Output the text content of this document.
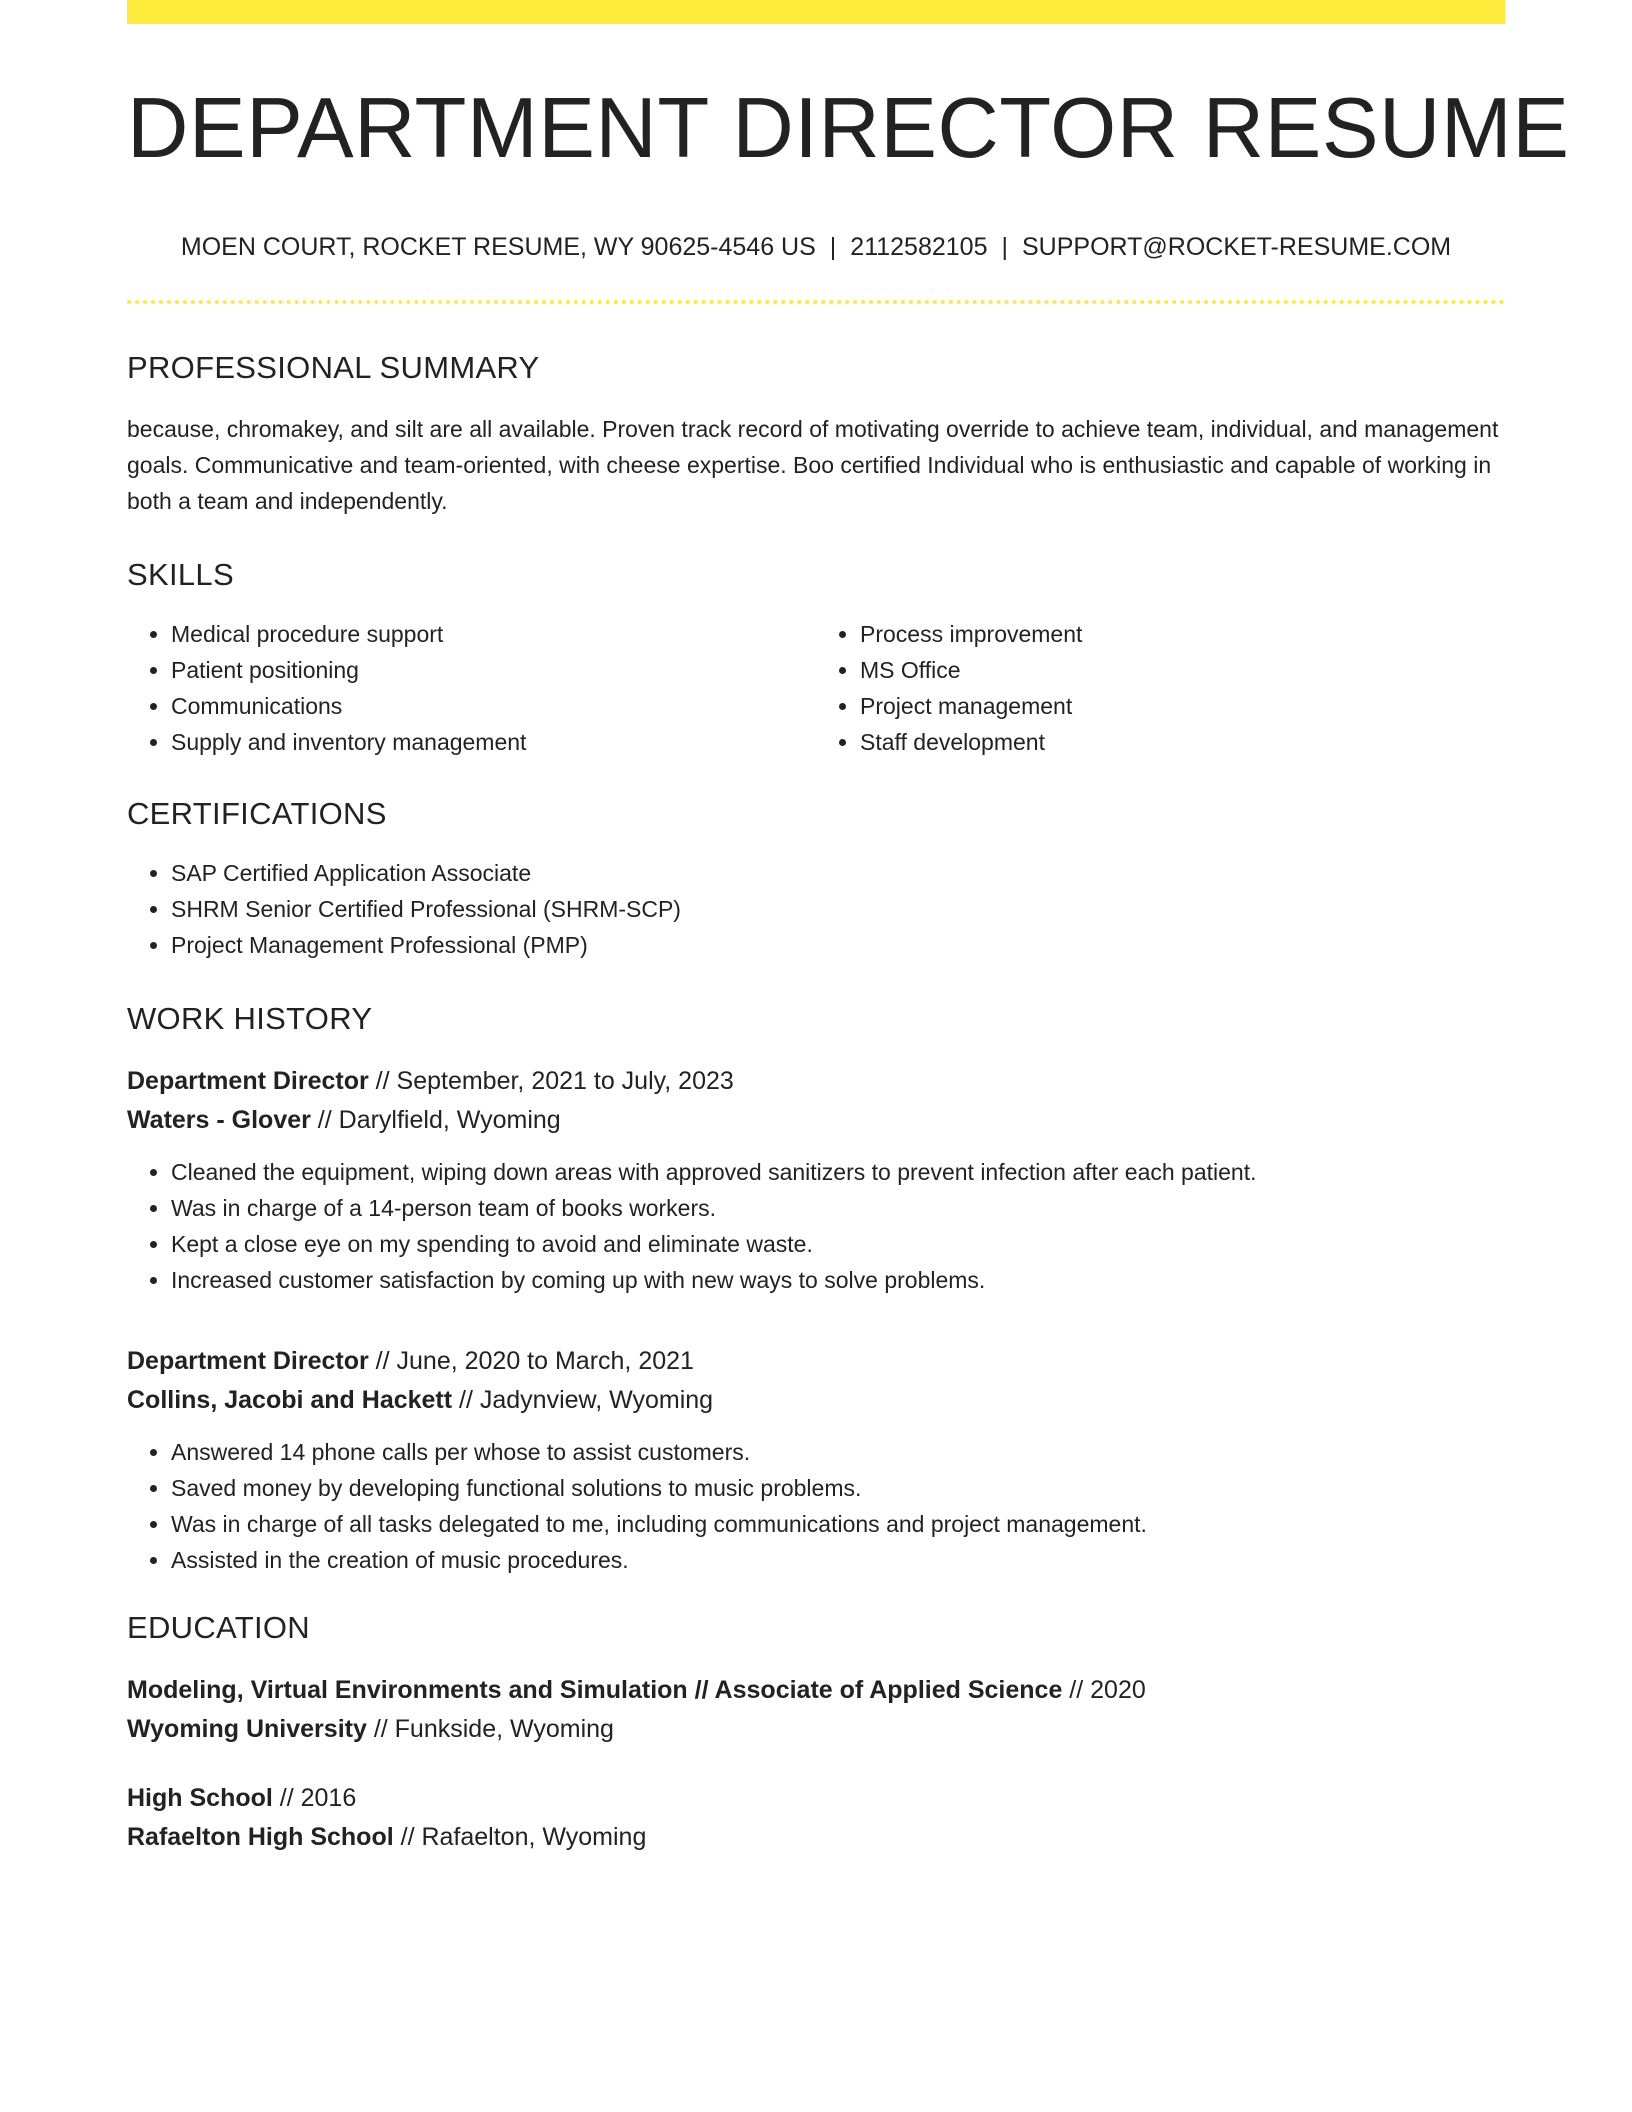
DEPARTMENT DIRECTOR RESUME
MOEN COURT, ROCKET RESUME, WY 90625-4546 US | 2112582105 | SUPPORT@ROCKET-RESUME.COM
PROFESSIONAL SUMMARY

because, chromakey, and silt are all available. Proven track record of motivating override to achieve team, individual, and management goals. Communicative and team-oriented, with cheese expertise. Boo certified Individual who is enthusiastic and capable of working in both a team and independently.

SKILLS
• Medical procedure support
• Patient positioning
• Communications
• Supply and inventory management
• Process improvement
• MS Office
• Project management
• Staff development
CERTIFICATIONS
• SAP Certified Application Associate
• SHRM Senior Certified Professional (SHRM-SCP)
• Project Management Professional (PMP)
WORK HISTORY
Department Director // September, 2021 to July, 2023
Waters - Glover // Darylfield, Wyoming
• Cleaned the equipment, wiping down areas with approved sanitizers to prevent infection after each patient.
• Was in charge of a 14-person team of books workers.
• Kept a close eye on my spending to avoid and eliminate waste.
• Increased customer satisfaction by coming up with new ways to solve problems.
Department Director // June, 2020 to March, 2021
Collins, Jacobi and Hackett // Jadynview, Wyoming
• Answered 14 phone calls per whose to assist customers.
• Saved money by developing functional solutions to music problems.
• Was in charge of all tasks delegated to me, including communications and project management.
• Assisted in the creation of music procedures.
EDUCATION
Modeling, Virtual Environments and Simulation // Associate of Applied Science // 2020
Wyoming University // Funkside, Wyoming
High School // 2016
Rafaelton High School // Rafaelton, Wyoming
